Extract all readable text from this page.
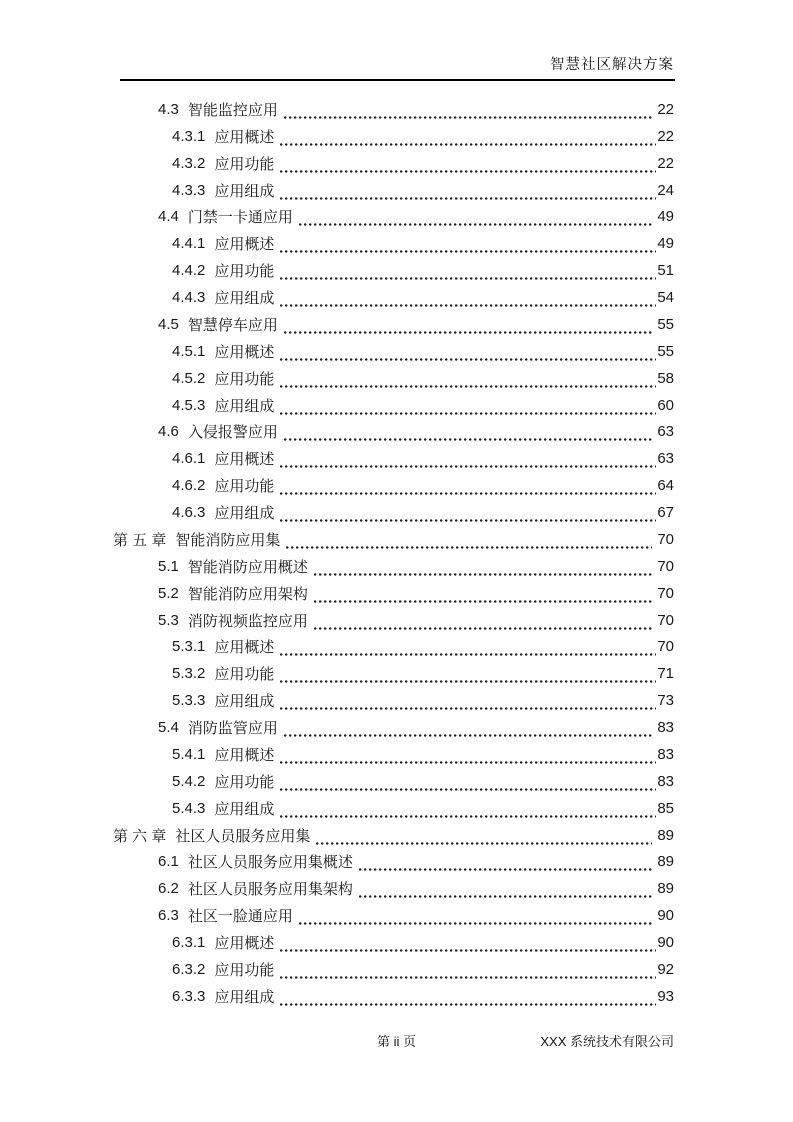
智慧社区解决方案
4.3 智能监控应用	22
4.3.1 应用概述	22
4.3.2 应用功能	22
4.3.3 应用组成	24
4.4 门禁一卡通应用	49
4.4.1 应用概述	49
4.4.2 应用功能	51
4.4.3 应用组成	54
4.5 智慧停车应用	55
4.5.1 应用概述	55
4.5.2 应用功能	58
4.5.3 应用组成	60
4.6 入侵报警应用	63
4.6.1 应用概述	63
4.6.2 应用功能	64
4.6.3 应用组成	67
第 五 章 智能消防应用集	70
5.1 智能消防应用概述	70
5.2 智能消防应用架构	70
5.3 消防视频监控应用	70
5.3.1 应用概述	70
5.3.2 应用功能	71
5.3.3 应用组成	73
5.4 消防监管应用	83
5.4.1 应用概述	83
5.4.2 应用功能	83
5.4.3 应用组成	85
第 六 章 社区人员服务应用集	89
6.1 社区人员服务应用集概述	89
6.2 社区人员服务应用集架构	89
6.3 社区一脸通应用	90
6.3.1 应用概述	90
6.3.2 应用功能	92
6.3.3 应用组成	93
第 ii 页	XXX 系统技术有限公司
